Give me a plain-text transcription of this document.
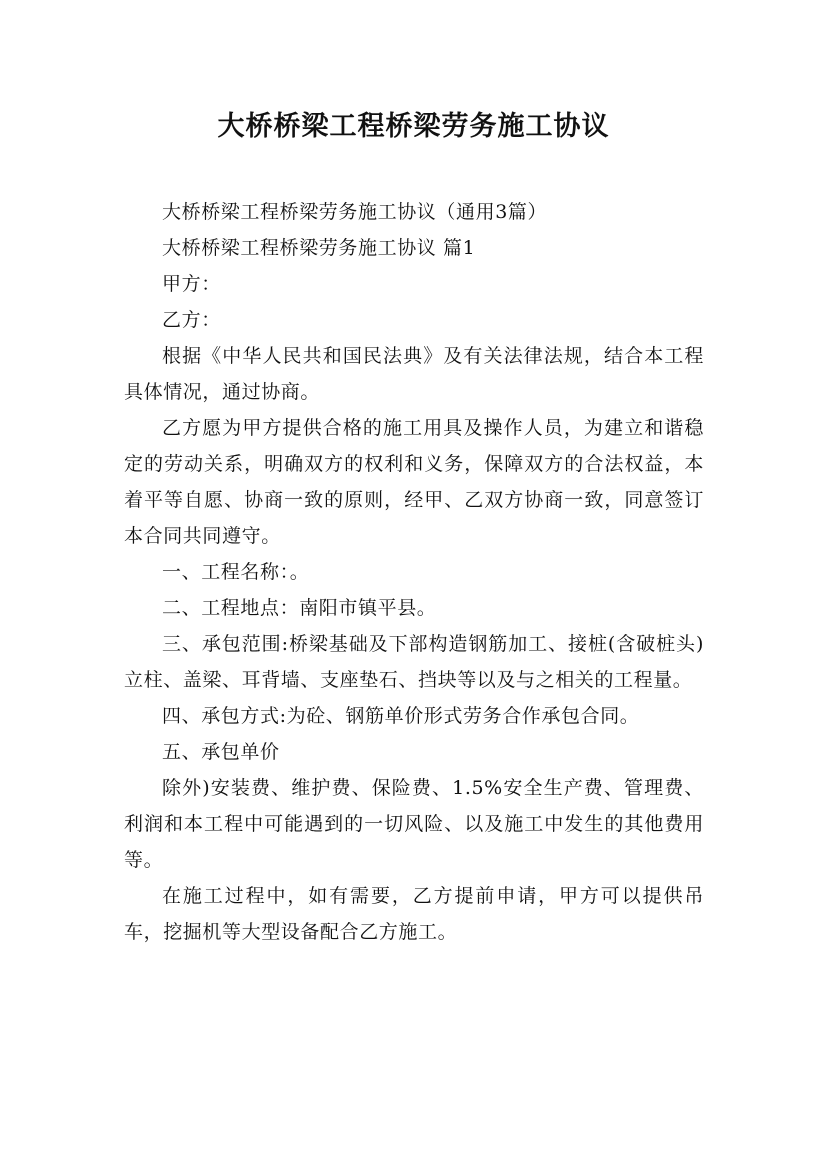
大桥桥梁工程桥梁劳务施工协议

大桥桥梁工程桥梁劳务施工协议（通用3篇）

大桥桥梁工程桥梁劳务施工协议 篇1

甲方：

乙方：

根据《中华人民共和国民法典》及有关法律法规，结合本工程具体情况，通过协商。

乙方愿为甲方提供合格的施工用具及操作人员，为建立和谐稳定的劳动关系，明确双方的权利和义务，保障双方的合法权益，本着平等自愿、协商一致的原则，经甲、乙双方协商一致，同意签订本合同共同遵守。

一、工程名称：。

二、工程地点：南阳市镇平县。

三、承包范围:桥梁基础及下部构造钢筋加工、接桩(含破桩头)立柱、盖梁、耳背墙、支座垫石、挡块等以及与之相关的工程量。

四、承包方式:为砼、钢筋单价形式劳务合作承包合同。

五、承包单价

除外)安装费、维护费、保险费、1.5%安全生产费、管理费、利润和本工程中可能遇到的一切风险、以及施工中发生的其他费用等。

在施工过程中，如有需要，乙方提前申请，甲方可以提供吊车，挖掘机等大型设备配合乙方施工。
